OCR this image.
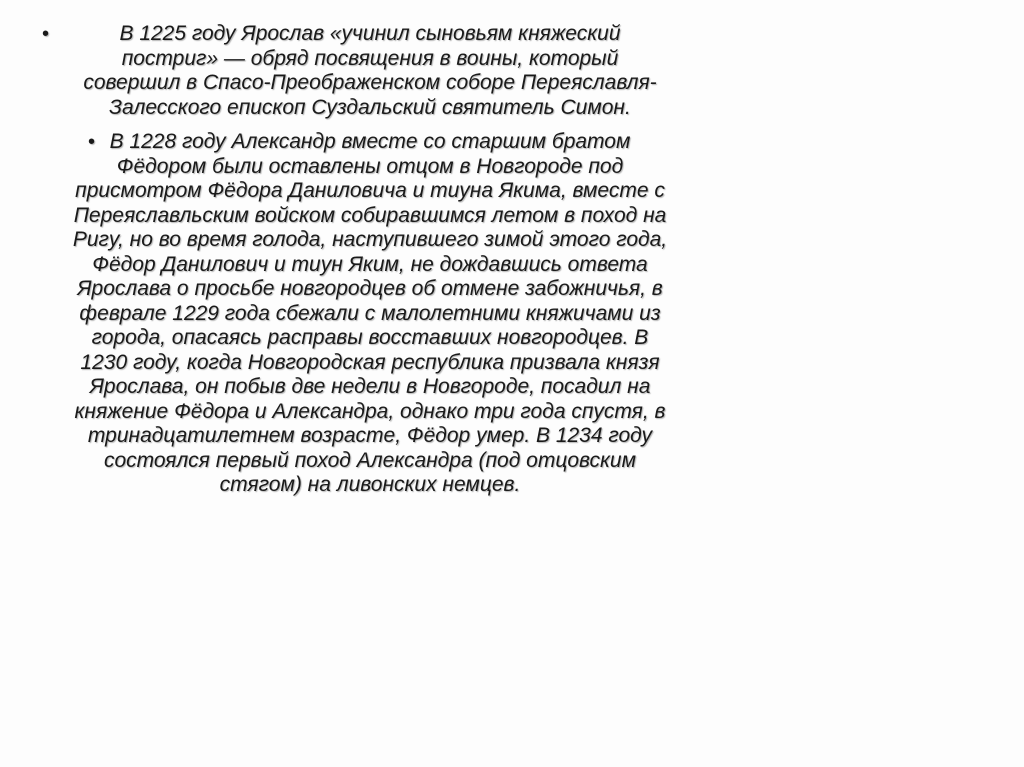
•	В 1225 году Ярослав «учинил сыновьям княжеский постриг» — обряд посвящения в воины, который совершил в Спасо-Преображенском соборе Переяславля-Залесского епископ Суздальский святитель Симон.
• В 1228 году Александр вместе со старшим братом Фёдором были оставлены отцом в Новгороде под присмотром Фёдора Даниловича и тиуна Якима, вместе с Переяславльским войском собиравшимся летом в поход на Ригу, но во время голода, наступившего зимой этого года, Фёдор Данилович и тиун Яким, не дождавшись ответа Ярослава о просьбе новгородцев об отмене забожничья, в феврале 1229 года сбежали с малолетними княжичами из города, опасаясь расправы восставших новгородцев. В 1230 году, когда Новгородская республика призвала князя Ярослава, он побыв две недели в Новгороде, посадил на княжение Фёдора и Александра, однако три года спустя, в тринадцатилетнем возрасте, Фёдор умер. В 1234 году состоялся первый поход Александра (под отцовским стягом) на ливонских немцев.
